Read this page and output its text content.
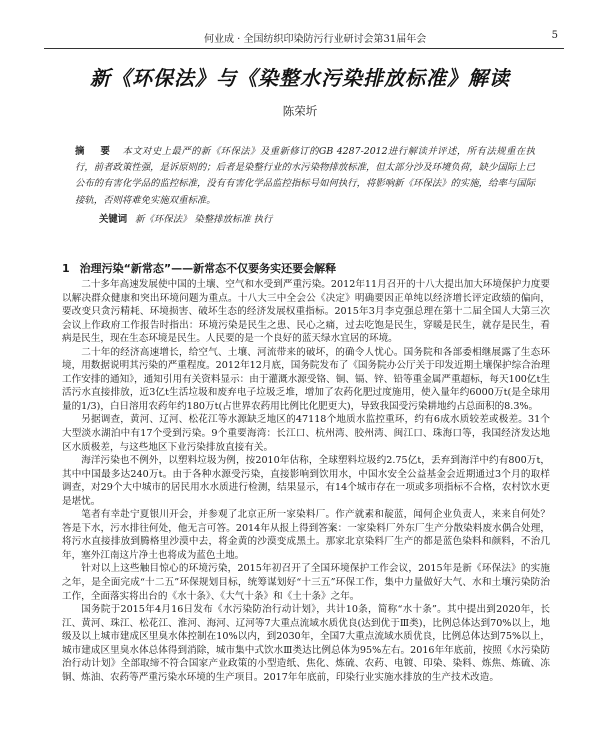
何业成 · 全国纺织印染防污行业研讨会第31届年会	5
新《环保法》与《染整水污染排放标准》解读
陈荣圻
摘 要 本文对史上最严的新《环保法》及重新修订的GB 4287-2012进行解读并评述，所有法规重在执行，前者政策性强，是诉原则的；后者是染整行业的水污染物排放标准，但太部分沙及环境负荷，缺少国际上已公布的有害化学品的监控标准，没有有害化学品监控指标号如何执行，将影响新《环保法》的实施，给率与国际接轨，否则将难免实施双重标准。
关键词 新《环保法》 染整排放标准 执行
1 治理污染“新常态”——新常态不仅要务实还要会解释

二十多年高速发展使中国的土壤、空气和水受到严重污染。2012年11月召开的十八大提出加大环境保护力度要以解决群众健康和突出环境问题为重点。十八大三中全会公《决定》明确要因正单纯以经济增长评定政绩的偏向，要改变只贪污精耗、环境损害、破坏生态的经济发展权重指标。2015年3月李克强总理在第十二届全国人大第三次会议上作政府工作报告时指出：环境污染是民生之患、民心之痛，过去吃饱是民生，穿暖是民生，就存是民生，看病是民生，现在生态环境是民生。人民要的是一个良好的蓝天绿水宜居的环境。

二十年的经济高速增长，给空气、土壤、河流带来的破坏，的确令人忧心。国务院和各部委相继展露了生态环境，用数据说明其污染的严重程度。2012年12月底，国务院发布了《国务院办公厅关于印发近期土壤保护综合治理工作安排的通知》，通知引用有关资料显示：由于灌溉水源受铬、铜、镉、锌、铅等重金属严重超标，每天100亿t生活污水直接排放，近3亿t生活垃圾和废弃电子垃圾乏堆，增加了农药化肥过度施用，使入量年约6000万t(是全球用量的1/3)，白日溶用农药年约180万t(占世界农药用比例比化肥更大)，导致我国受污染耕地约占总面积的8.3%。

另据调查，黄河、辽河、松花江等水源缺乏地区的47118个地质水监控重环，约有6成水质较差或极差。31个大型淡水湖泊中有17个受到污染。9个重要海湾：长江口、杭州湾、胶州湾、闽江口、珠海口等，我国经济发达地区水质极差，与这些地区下业污染排放直接有关。

海洋污染也不例外，以塑料垃圾为例，按2010年估称，全球塑料垃圾约2.75亿t，丢弃到海洋中约有800万t，其中中国最多达240万t。由于各种水源受污染，直接影响到饮用水，中国水安全公益基金会近期通过3个月的取样调查，对29个大中城市的居民用水水质进行检测，结果显示，有14个城市存在一项或多项指标不合格，农村饮水更是堪忧。

笔者有幸赴宁夏银川开会，并参观了北京正所一家染料厂。作产就素和靛蓝，闻何企业负责人，来来自何处？答是下水，污水排往何处，他无言可答。2014年从报上得到答案：一家染料厂外东厂生产分散染料废水偶合处理，将污水直接排放到腾格里沙漠中去，将金黄的沙漠变成黑土。那家北京染料厂生产的都是蓝色染料和颜料，不治几年，塞外江南这片净土也将成为蓝色土地。

针对以上这些触目惊心的环境污染，2015年初召开了全国环境保护工作会议，2015年是新《环保法》的实施之年，是全面完成“十二五”环保规划目标，统筹谋划好“十三五”环保工作，集中力量做好大气、水和土壤污染防治工作，全面落实将出台的《水十条》、《大气十条》和《土十条》之年。

国务院于2015年4月16日发布《水污染防治行动计划》，共计10条，简称“水十条”。其中提出到2020年，长江、黄河、珠江、松花江、淮河、海河、辽河等7大重点流域水质优良(达到优于Ⅲ类)，比例总体达到70%以上，地级及以上城市建成区里臭水体控制在10%以内，到2030年，全国7大重点流域水质优良，比例总体达到75%以上，城市建成区里臭水体总体得到消除，城市集中式饮水Ⅲ类达比例总体为95%左右。2016年年底前，按照《水污染防治行动计划》全部取缔不符合国家产业政策的小型造纸、焦化、炼硫、农药、电镀、印染、染料、炼焦、炼硫、冻铜、炼油、农药等严重污染水环境的生产项目。2017年年底前，印染行业实施水排放的生产技术改造。
